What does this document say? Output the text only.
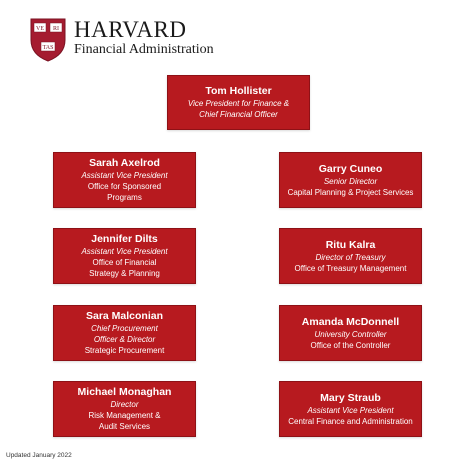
VE RI
TAS
HARVARD
Financial Administration
Tom Hollister
Vice President for Finance &
Chief Financial Officer
Sarah Axelrod
Assistant Vice President
Office for Sponsored
Programs
Jennifer Dilts
Assistant Vice President
Office of Financial
Strategy & Planning
Sara Malconian
Chief Procurement
Officer & Director
Strategic Procurement
Michael Monaghan
Director
Risk Management &
Audit Services
Garry Cuneo
Senior Director
Capital Planning & Project Services
Ritu Kalra
Director of Treasury
Office of Treasury Management
Amanda McDonnell
University Controller
Office of the Controller
Mary Straub
Assistant Vice President
Central Finance and Administration
Updated January 2022
